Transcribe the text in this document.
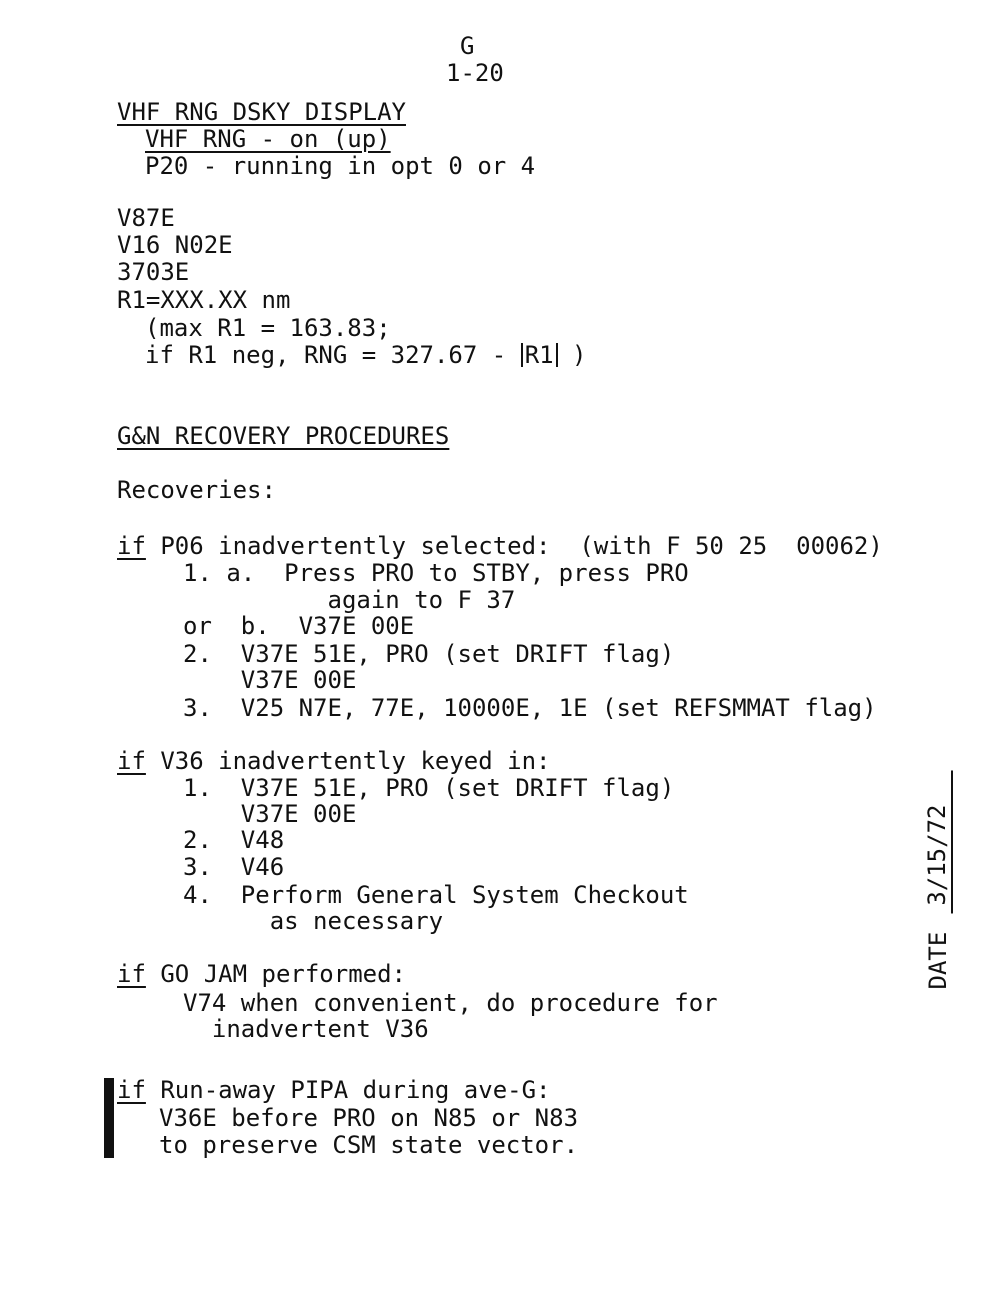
G
1-20
VHF RNG DSKY DISPLAY
VHF RNG - on (up)
P20 - running in opt 0 or 4
V87E
V16 N02E
3703E
R1=XXX.XX nm
(max R1 = 163.83;
if R1 neg, RNG = 327.67 - R1 )
G&N RECOVERY PROCEDURES
Recoveries:
if P06 inadvertently selected:  (with F 50 25  00062)
1. a.  Press PRO to STBY, press PRO
again to F 37
or  b.  V37E 00E
2.  V37E 51E, PRO (set DRIFT flag)
V37E 00E
3.  V25 N7E, 77E, 10000E, 1E (set REFSMMAT flag)
if V36 inadvertently keyed in:
1.  V37E 51E, PRO (set DRIFT flag)
V37E 00E
2.  V48
3.  V46
4.  Perform General System Checkout
as necessary
if GO JAM performed:
V74 when convenient, do procedure for
inadvertent V36
if Run-away PIPA during ave-G:
V36E before PRO on N85 or N83
to preserve CSM state vector.
DATE
3/15/72
